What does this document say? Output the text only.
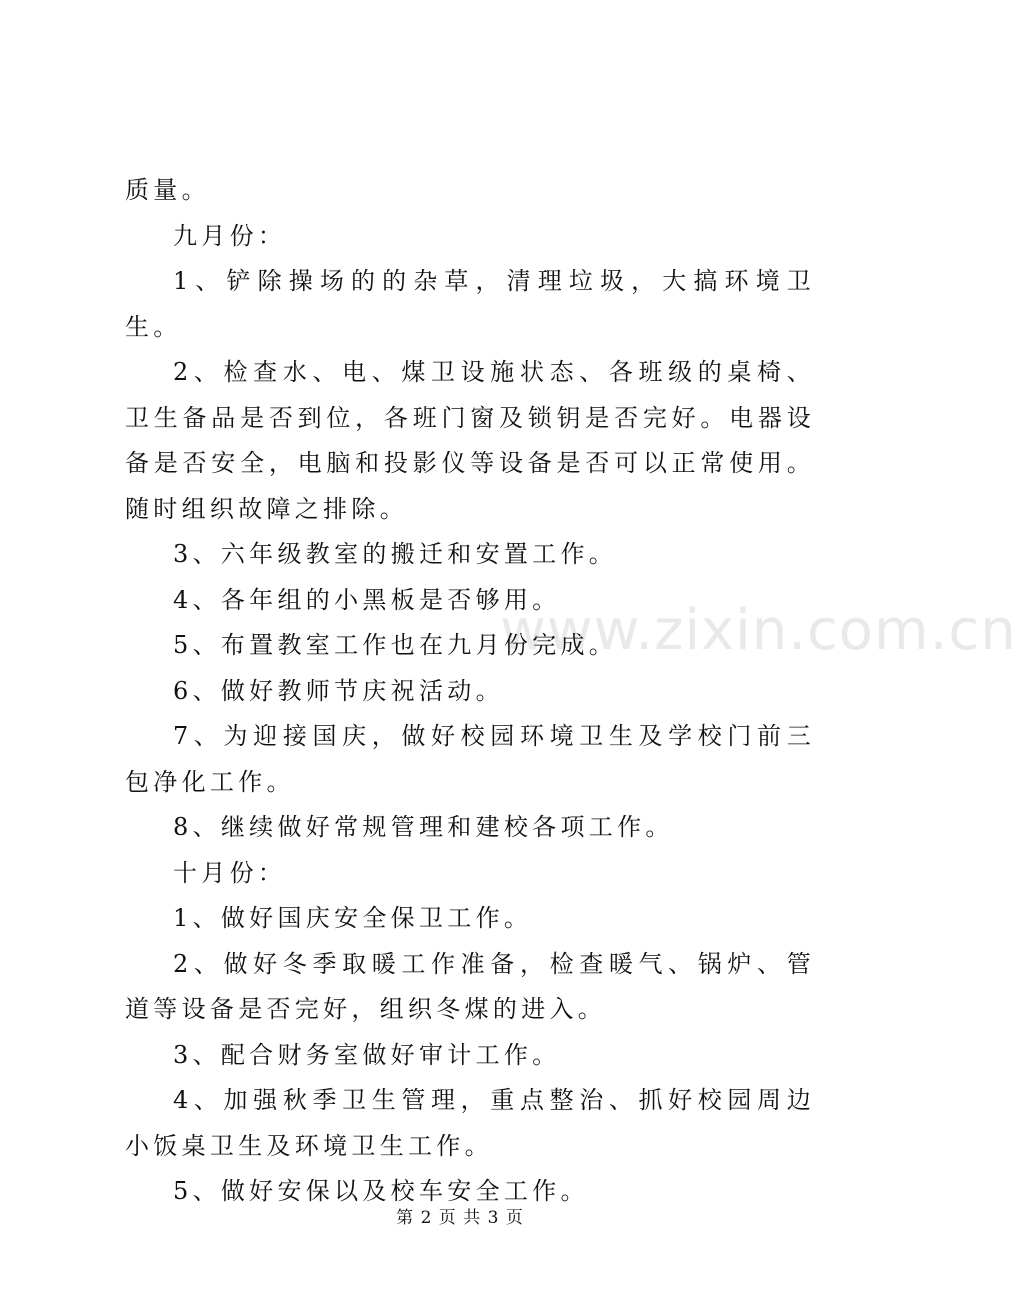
www.zixin.com.cn

质量。

九月份：

1、铲除操场的的杂草，清理垃圾，大搞环境卫生。

2、检查水、电、煤卫设施状态、各班级的桌椅、卫生备品是否到位，各班门窗及锁钥是否完好。电器设备是否安全，电脑和投影仪等设备是否可以正常使用。随时组织故障之排除。

3、六年级教室的搬迁和安置工作。

4、各年组的小黑板是否够用。

5、布置教室工作也在九月份完成。

6、做好教师节庆祝活动。

7、为迎接国庆，做好校园环境卫生及学校门前三包净化工作。

8、继续做好常规管理和建校各项工作。

十月份：

1、做好国庆安全保卫工作。

2、做好冬季取暖工作准备，检查暖气、锅炉、管道等设备是否完好，组织冬煤的进入。

3、配合财务室做好审计工作。

4、加强秋季卫生管理，重点整治、抓好校园周边小饭桌卫生及环境卫生工作。

5、做好安保以及校车安全工作。

第 2 页 共 3 页
